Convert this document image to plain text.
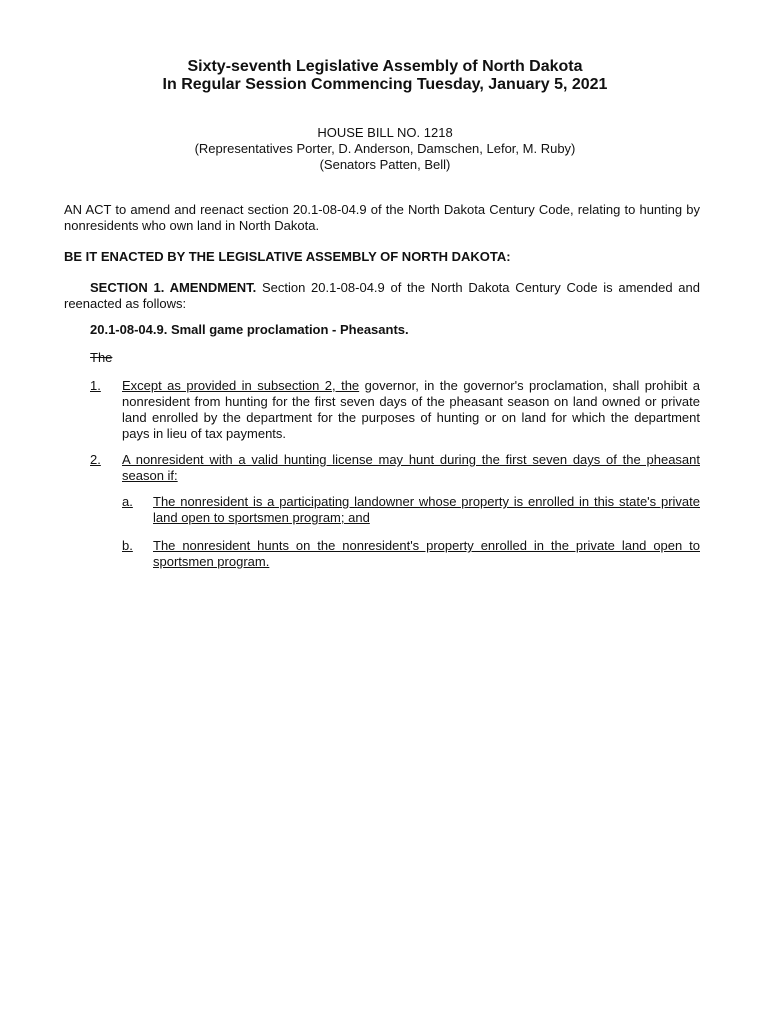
Sixty-seventh Legislative Assembly of North Dakota
In Regular Session Commencing Tuesday, January 5, 2021
HOUSE BILL NO. 1218
(Representatives Porter, D. Anderson, Damschen, Lefor, M. Ruby)
(Senators Patten, Bell)
AN ACT to amend and reenact section 20.1-08-04.9 of the North Dakota Century Code, relating to hunting by nonresidents who own land in North Dakota.
BE IT ENACTED BY THE LEGISLATIVE ASSEMBLY OF NORTH DAKOTA:
SECTION 1. AMENDMENT. Section 20.1-08-04.9 of the North Dakota Century Code is amended and reenacted as follows:
20.1-08-04.9. Small game proclamation - Pheasants.
The
1. Except as provided in subsection 2, the governor, in the governor's proclamation, shall prohibit a nonresident from hunting for the first seven days of the pheasant season on land owned or private land enrolled by the department for the purposes of hunting or on land for which the department pays in lieu of tax payments.
2. A nonresident with a valid hunting license may hunt during the first seven days of the pheasant season if:
a. The nonresident is a participating landowner whose property is enrolled in this state's private land open to sportsmen program; and
b. The nonresident hunts on the nonresident's property enrolled in the private land open to sportsmen program.
